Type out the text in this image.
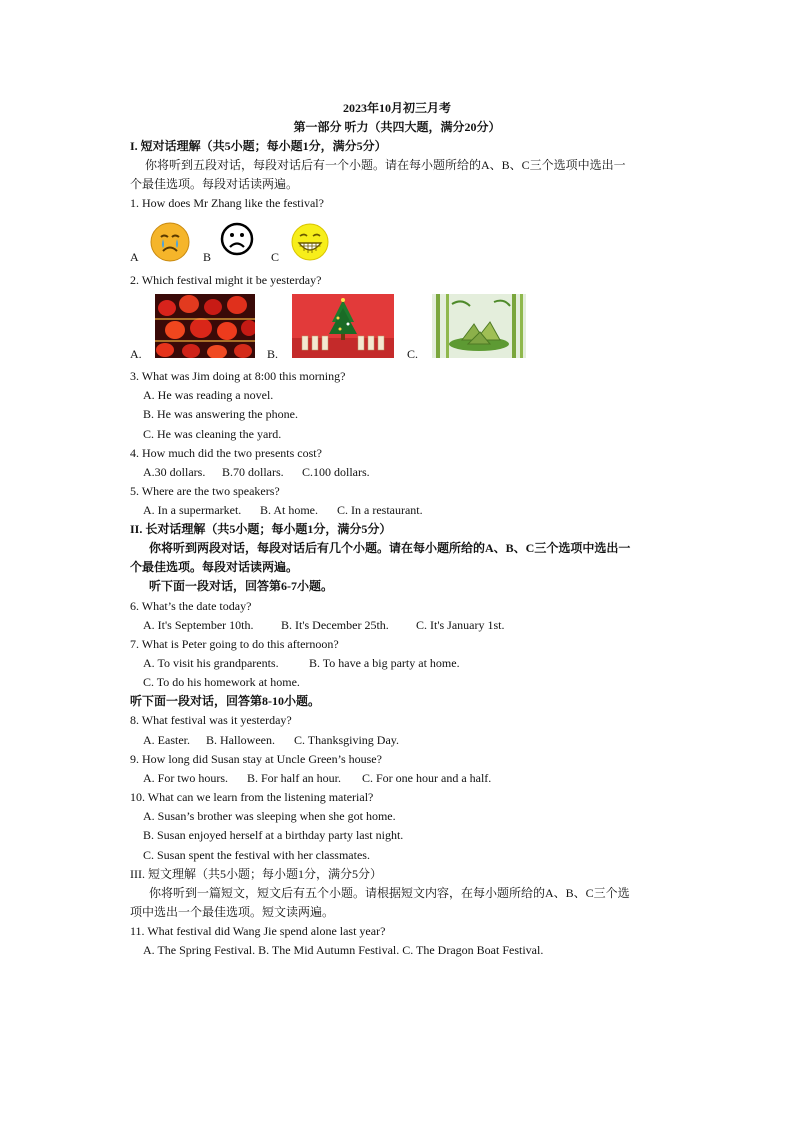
2023年10月初三月考
第一部分 听力（共四大题，满分20分）
I. 短对话理解（共5小题；每小题1分，满分5分）
你将听到五段对话，每段对话后有一个小题。请在每小题所给的A、B、C三个选项中选出一
个最佳选项。每段对话读两遍。
1. How does Mr Zhang like the festival?
A	B	C
2. Which festival might it be yesterday?
A.	B.	C.
3. What was Jim doing at 8:00 this morning?
A. He was reading a novel.
B. He was answering the phone.
C. He was cleaning the yard.
4. How much did the two presents cost?
A.30 dollars. B.70 dollars. C.100 dollars.
5. Where are the two speakers?
A. In a supermarket. B. At home. C. In a restaurant.
II. 长对话理解（共5小题；每小题1分，满分5分）
你将听到两段对话，每段对话后有几个小题。请在每小题所给的A、B、C三个选项中选出一
个最佳选项。每段对话读两遍。
听下面一段对话，回答第6-7小题。
6. What’s the date today?
A. It's September 10th. B. It's December 25th. C. It's January 1st.
7. What is Peter going to do this afternoon?
A. To visit his grandparents.	B. To have a big party at home.
C. To do his homework at home.
听下面一段对话，回答第8-10小题。
8. What festival was it yesterday?
A. Easter. B. Halloween. C. Thanksgiving Day.
9. How long did Susan stay at Uncle Green’s house?
A. For two hours. B. For half an hour. C. For one hour and a half.
10. What can we learn from the listening material?
A. Susan’s brother was sleeping when she got home.
B. Susan enjoyed herself at a birthday party last night.
C. Susan spent the festival with her classmates.
III. 短文理解（共5小题；每小题1分，满分5分）
你将听到一篇短文，短文后有五个小题。请根据短文内容，在每小题所给的A、B、C三个选
项中选出一个最佳选项。短文读两遍。
11. What festival did Wang Jie spend alone last year?
A. The Spring Festival. B. The Mid Autumn Festival. C. The Dragon Boat Festival.
